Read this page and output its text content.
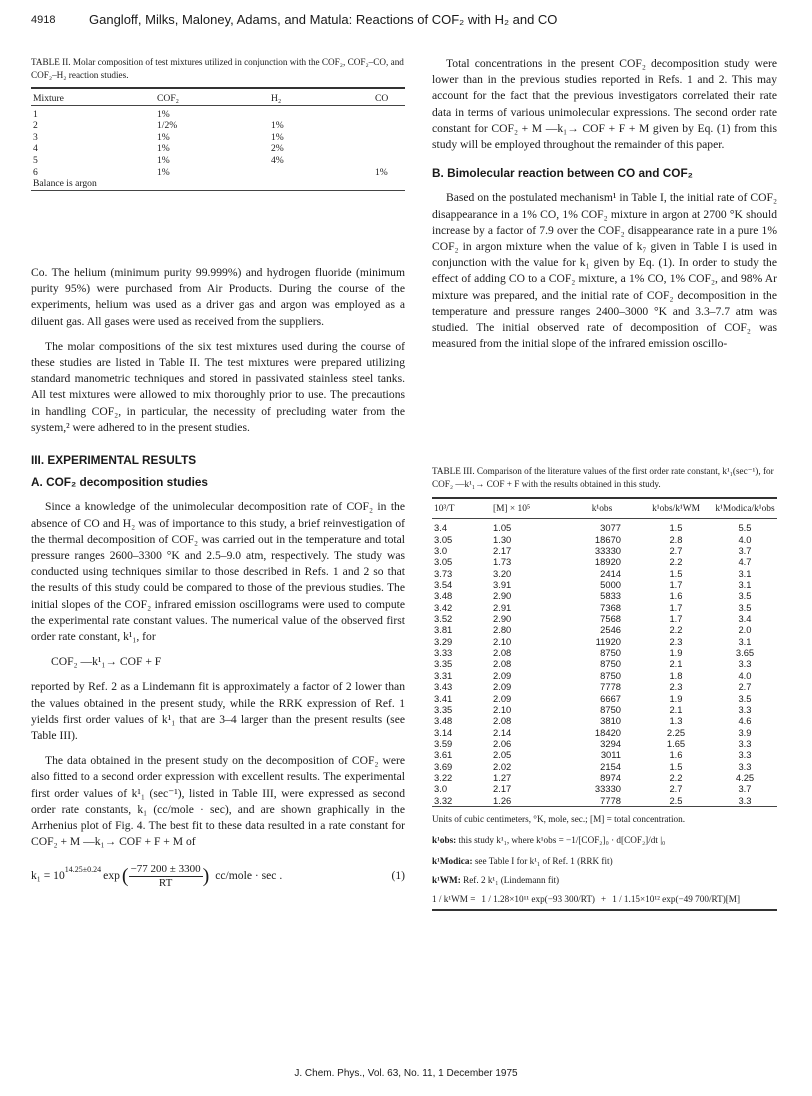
4918	Gangloff, Milks, Maloney, Adams, and Matula: Reactions of COF₂ with H₂ and CO
TABLE II. Molar composition of test mixtures utilized in conjunction with the COF₂, COF₂–CO, and COF₂–H₂ reaction studies.
Mixture	COF₂	H₂	CO
1	1%		
2	1/2%	1%	
3	1%	1%	
4	1%	2%	
5	1%	4%	
6	1%		1%
Balance is argon			

Co. The helium (minimum purity 99.999%) and hydrogen fluoride (minimum purity 95%) were purchased from Air Products. During the course of the experiments, helium was used as a driver gas and argon was employed as a diluent gas. All gases were used as received from the suppliers.

The molar compositions of the six test mixtures used during the course of these studies are listed in Table II. The test mixtures were prepared utilizing standard manometric techniques and stored in passivated stainless steel tanks. All test mixtures were allowed to mix thoroughly prior to use. The precautions in handling COF₂, in particular, the necessity of precluding water from the system,² were adhered to in the present studies.

III. EXPERIMENTAL RESULTS
A. COF₂ decomposition studies

Since a knowledge of the unimolecular decomposition rate of COF₂ in the absence of CO and H₂ was of importance to this study, a brief reinvestigation of the thermal decomposition of COF₂ was carried out in the temperature and total pressure ranges 2600–3300 °K and 2.5–9.0 atm, respectively. The study was conducted using techniques similar to those described in Refs. 1 and 2 so that the results of this study could be compared to those of the previous studies. The initial slopes of the COF₂ infrared emission oscillograms were used to compute the experimental rate constant values. The numerical value of the observed first order rate constant, k¹₁, for

COF₂ —k¹₁→ COF + F

reported by Ref. 2 as a Lindemann fit is approximately a factor of 2 lower than the values obtained in the present study, while the RRK expression of Ref. 1 yields first order values of k¹₁ that are 3–4 larger than the present results (see Table III).

The data obtained in the present study on the decomposition of COF₂ were also fitted to a second order expression with excellent results. The experimental first order values of k¹₁ (sec⁻¹), listed in Table III, were expressed as second order rate constants, k₁ (cc/mole · sec), and are shown graphically in the Arrhenius plot of Fig. 4. The best fit to these data resulted in a rate constant for COF₂ + M —k₁→ COF + F + M of

$k_1 = 10^{14.25\pm 0.24}$ exp ( $\frac{-77 200 \pm 3300}{RT}$ ) cc/mole · sec .	(1)

Total concentrations in the present COF₂ decomposition study were lower than in the previous studies reported in Refs. 1 and 2. This may account for the fact that the previous investigators correlated their rate data in terms of various unimolecular expressions. The second order rate constant for COF₂ + M —k₁→ COF + F + M given by Eq. (1) from this study will be employed throughout the remainder of this paper.

B. Bimolecular reaction between CO and COF₂

Based on the postulated mechanism¹ in Table I, the initial rate of COF₂ disappearance in a 1% CO, 1% COF₂ mixture in argon at 2700 °K should increase by a factor of 7.9 over the COF₂ disappearance rate in a pure 1% COF₂ in argon mixture when the value of k₇ given in Table I is used in conjunction with the value for k₁ given by Eq. (1). In order to study the effect of adding CO to a COF₂ mixture, a 1% CO, 1% COF₂, and 98% Ar mixture was prepared, and the initial rate of COF₂ decomposition in the temperature and pressure ranges 2400–3000 °K and 3.3–7.7 atm was studied. The initial observed rate of decomposition of COF₂ was measured from the initial slope of the infrared emission oscillo-

TABLE III. Comparison of the literature values of the first order rate constant, k¹₁(sec⁻¹), for COF₂ —k¹₁→ COF + F with the results obtained in this study.
10³/T	[M] × 10⁵	k¹obs	k¹obs/k¹WM	k¹Modica/k¹obs
3.4	1.05	3077	1.5	5.5
3.05	1.30	18670	2.8	4.0
3.0	2.17	33330	2.7	3.7
3.05	1.73	18920	2.2	4.7
3.73	3.20	2414	1.5	3.1
3.54	3.91	5000	1.7	3.1
3.48	2.90	5833	1.6	3.5
3.42	2.91	7368	1.7	3.5
3.52	2.90	7568	1.7	3.4
3.81	2.80	2546	2.2	2.0
3.29	2.10	11920	2.3	3.1
3.33	2.08	8750	1.9	3.65
3.35	2.08	8750	2.1	3.3
3.31	2.09	8750	1.8	4.0
3.43	2.09	7778	2.3	2.7
3.41	2.09	6667	1.9	3.5
3.35	2.10	8750	2.1	3.3
3.48	2.08	3810	1.3	4.6
3.14	2.14	18420	2.25	3.9
3.59	2.06	3294	1.65	3.3
3.61	2.05	3011	1.6	3.3
3.69	2.02	2154	1.5	3.3
3.22	1.27	8974	2.2	4.25
3.0	2.17	33330	2.7	3.7
3.32	1.26	7778	2.5	3.3

Units of cubic centimeters, °K, mole, sec.; [M] = total concentration.
k¹obs: this study k¹₁, where k¹obs = −1/[COF₂]₀ · d[COF₂]/dt |₀
k¹Modica: see Table I for k¹₁ of Ref. 1 (RRK fit)
k¹WM: Ref. 2 k¹₁ (Lindemann fit)
1 / k¹WM = 1 / 1.28×10¹¹ exp(−93 300/RT) + 1 / 1.15×10¹² exp(−49 700/RT)[M]
J. Chem. Phys., Vol. 63, No. 11, 1 December 1975
